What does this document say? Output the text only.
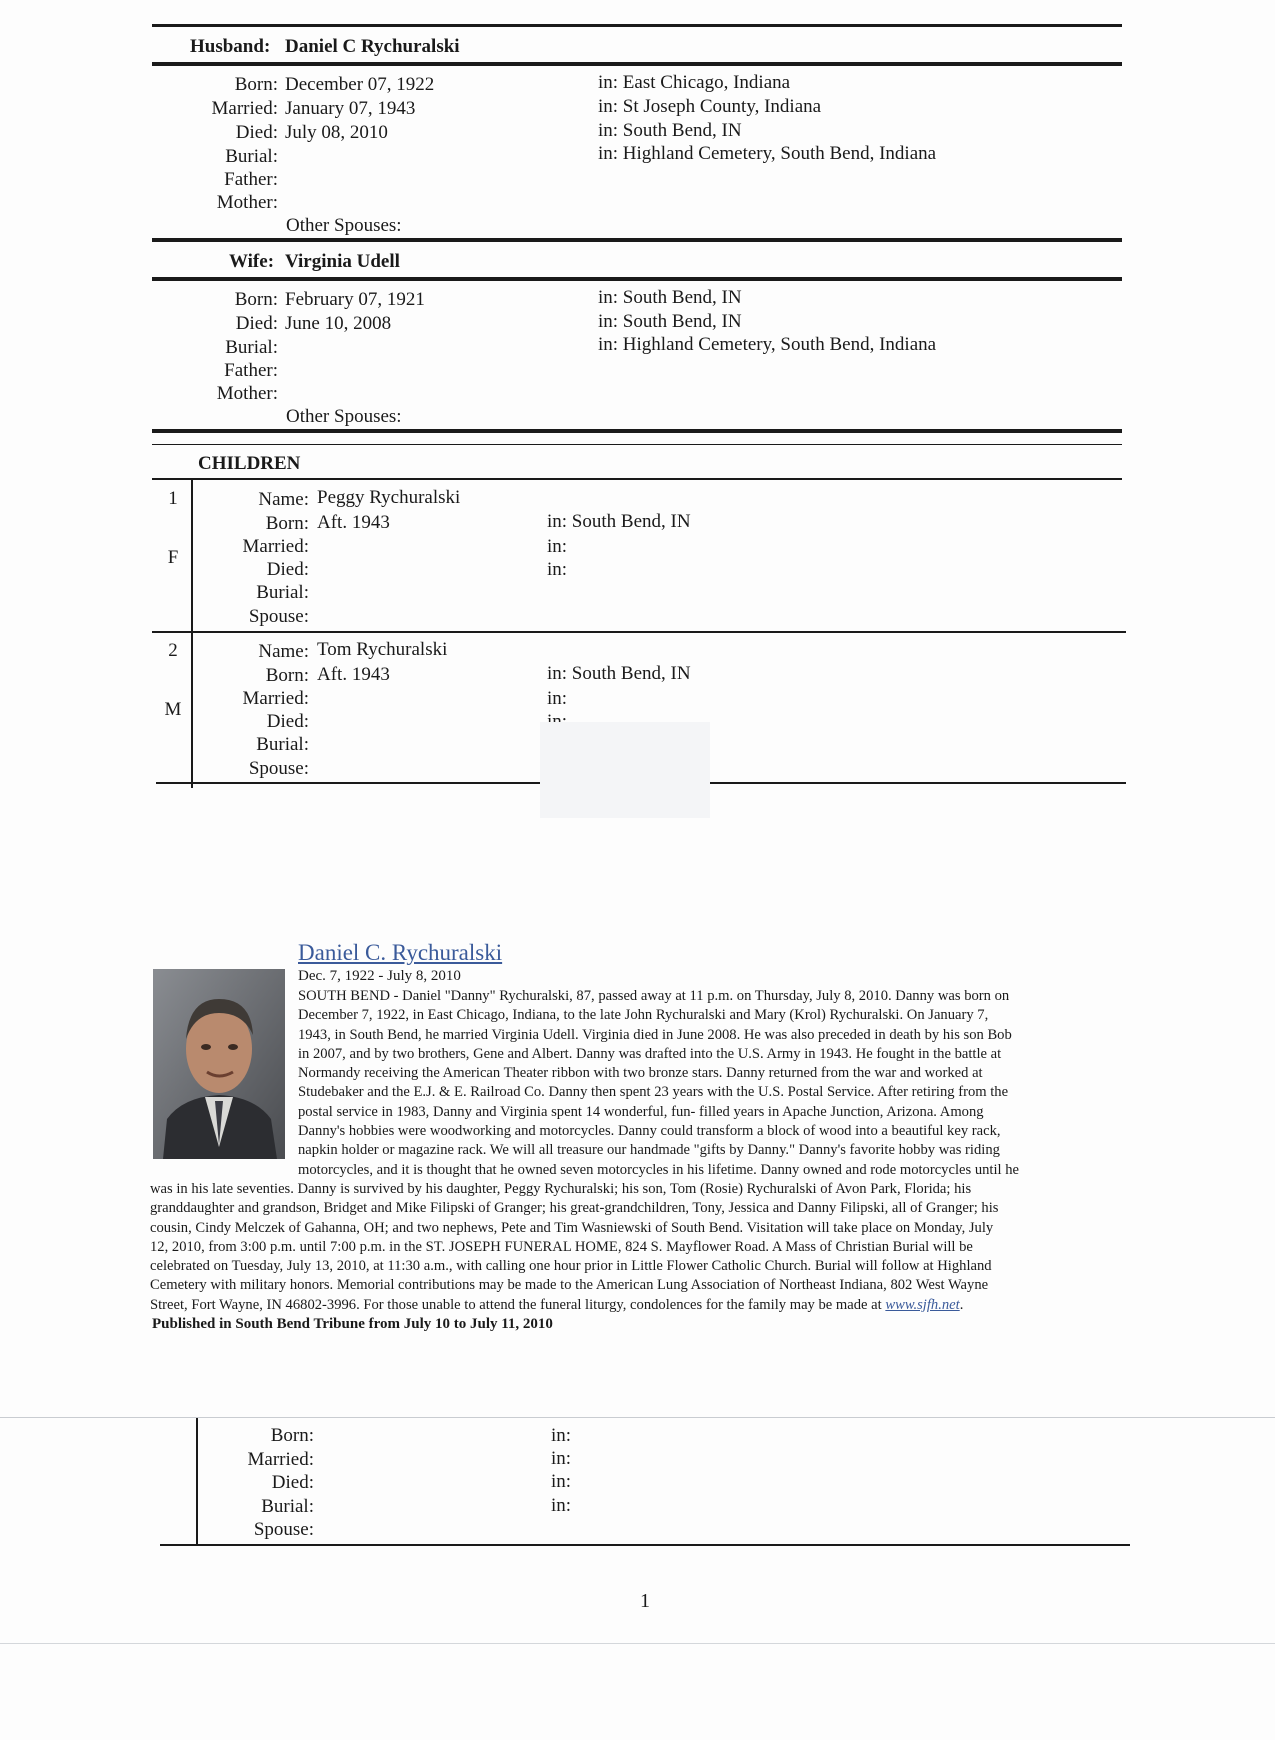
Husband: Daniel C Rychuralski
Born: December 07, 1922	in: East Chicago, Indiana
Married: January 07, 1943	in: St Joseph County, Indiana
Died: July 08, 2010	in: South Bend, IN
Burial:	in: Highland Cemetery, South Bend, Indiana
Father:
Mother:
Other Spouses:
Wife: Virginia Udell
Born: February 07, 1921	in: South Bend, IN
Died: June 10, 2008	in: South Bend, IN
Burial:	in: Highland Cemetery, South Bend, Indiana
Father:
Mother:
Other Spouses:
CHILDREN
1
F
Name: Peggy Rychuralski
Born: Aft. 1943	in: South Bend, IN
Married:	in:
Died:	in:
Burial:
Spouse:
2
M
Name: Tom Rychuralski
Born: Aft. 1943	in: South Bend, IN
Married:	in:
Died:
Burial:
Spouse:
Daniel C. Rychuralski
Dec. 7, 1922 - July 8, 2010
SOUTH BEND - Daniel "Danny" Rychuralski, 87, passed away at 11 p.m. on Thursday, July 8, 2010. Danny was born on
December 7, 1922, in East Chicago, Indiana, to the late John Rychuralski and Mary (Krol) Rychuralski. On January 7,
1943, in South Bend, he married Virginia Udell. Virginia died in June 2008. He was also preceded in death by his son Bob
in 2007, and by two brothers, Gene and Albert. Danny was drafted into the U.S. Army in 1943. He fought in the battle at
Normandy receiving the American Theater ribbon with two bronze stars. Danny returned from the war and worked at
Studebaker and the E.J. & E. Railroad Co. Danny then spent 23 years with the U.S. Postal Service. After retiring from the
postal service in 1983, Danny and Virginia spent 14 wonderful, fun- filled years in Apache Junction, Arizona. Among
Danny's hobbies were woodworking and motorcycles. Danny could transform a block of wood into a beautiful key rack,
napkin holder or magazine rack. We will all treasure our handmade "gifts by Danny." Danny's favorite hobby was riding
motorcycles, and it is thought that he owned seven motorcycles in his lifetime. Danny owned and rode motorcycles until he
was in his late seventies. Danny is survived by his daughter, Peggy Rychuralski; his son, Tom (Rosie) Rychuralski of Avon Park, Florida; his
granddaughter and grandson, Bridget and Mike Filipski of Granger; his great-grandchildren, Tony, Jessica and Danny Filipski, all of Granger; his
cousin, Cindy Melczek of Gahanna, OH; and two nephews, Pete and Tim Wasniewski of South Bend. Visitation will take place on Monday, July
12, 2010, from 3:00 p.m. until 7:00 p.m. in the ST. JOSEPH FUNERAL HOME, 824 S. Mayflower Road. A Mass of Christian Burial will be
celebrated on Tuesday, July 13, 2010, at 11:30 a.m., with calling one hour prior in Little Flower Catholic Church. Burial will follow at Highland
Cemetery with military honors. Memorial contributions may be made to the American Lung Association of Northeast Indiana, 802 West Wayne
Street, Fort Wayne, IN 46802-3996. For those unable to attend the funeral liturgy, condolences for the family may be made at www.sjfh.net.
Published in South Bend Tribune from July 10 to July 11, 2010
Born:	in:
Married:	in:
Died:	in:
Burial:	in:
Spouse:
1
